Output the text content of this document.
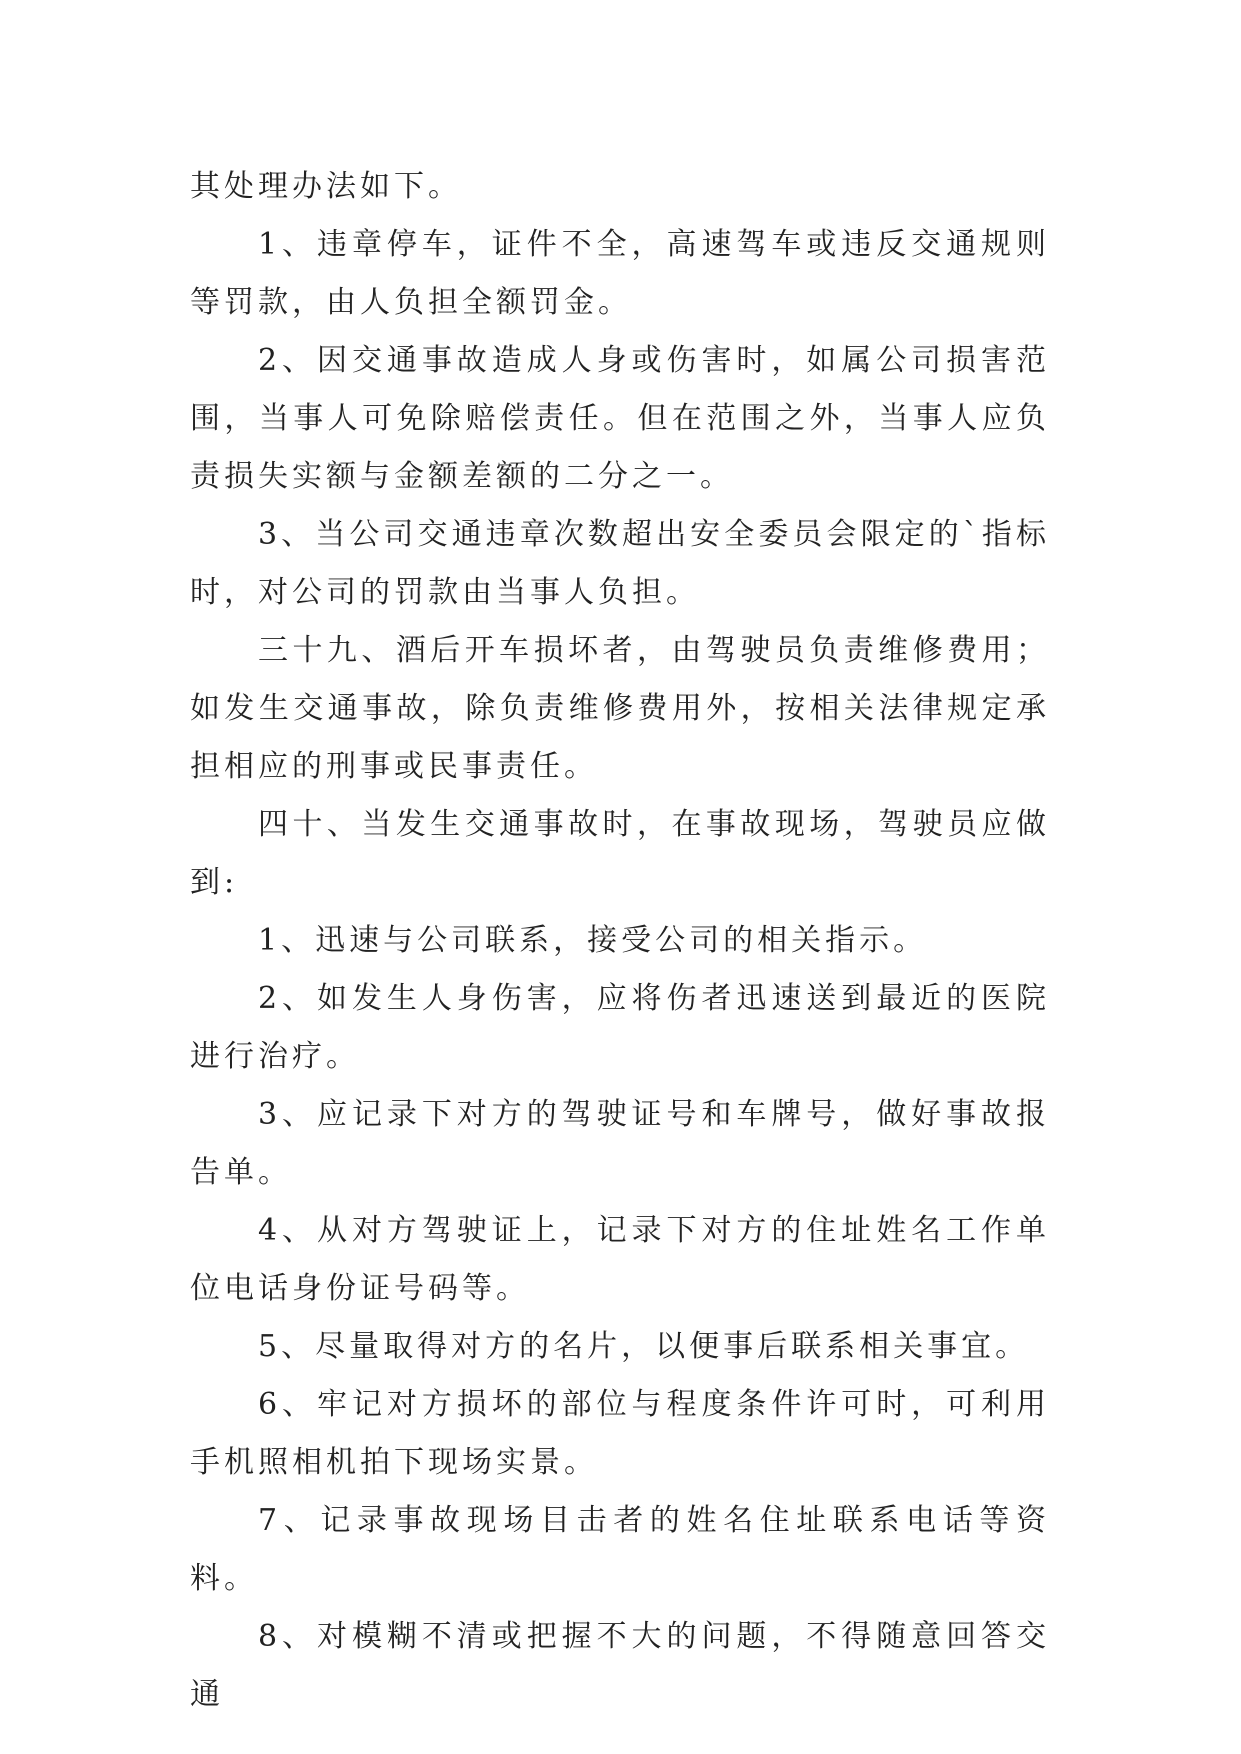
其处理办法如下。

1、违章停车，证件不全，高速驾车或违反交通规则等罚款，由人负担全额罚金。

2、因交通事故造成人身或伤害时，如属公司损害范围，当事人可免除赔偿责任。但在范围之外，当事人应负责损失实额与金额差额的二分之一。

3、当公司交通违章次数超出安全委员会限定的`指标时，对公司的罚款由当事人负担。

三十九、酒后开车损坏者，由驾驶员负责维修费用；如发生交通事故，除负责维修费用外，按相关法律规定承担相应的刑事或民事责任。

四十、当发生交通事故时，在事故现场，驾驶员应做到:

1、迅速与公司联系，接受公司的相关指示。

2、如发生人身伤害，应将伤者迅速送到最近的医院进行治疗。

3、应记录下对方的驾驶证号和车牌号，做好事故报告单。

4、从对方驾驶证上，记录下对方的住址姓名工作单位电话身份证号码等。

5、尽量取得对方的名片，以便事后联系相关事宜。

6、牢记对方损坏的部位与程度条件许可时，可利用手机照相机拍下现场实景。

7、记录事故现场目击者的姓名住址联系电话等资料。

8、对模糊不清或把握不大的问题，不得随意回答交通
